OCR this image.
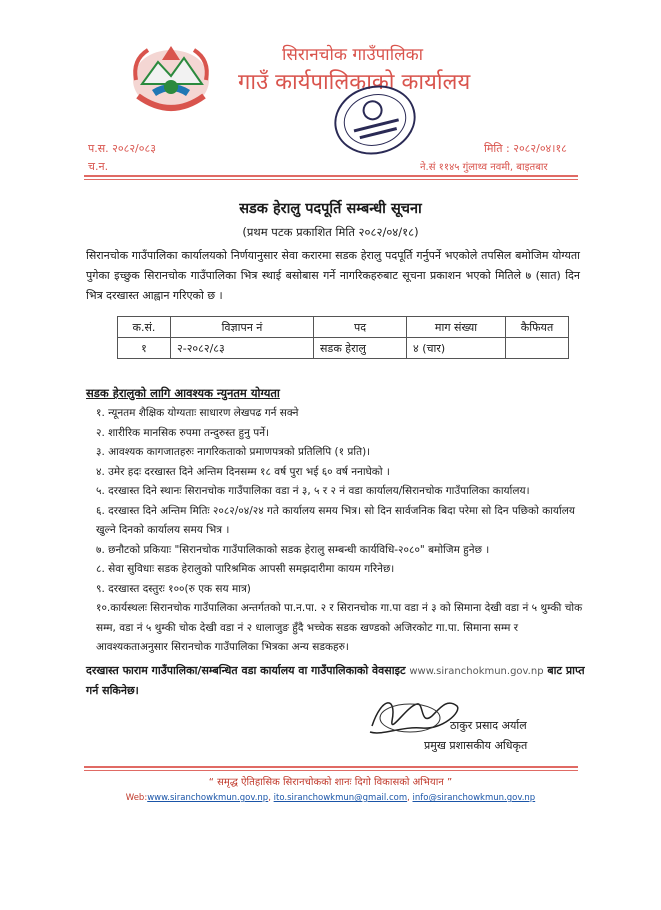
सिरानचोक गाउँपालिका
गाउँ कार्यपालिकाको कार्यालय
प.स. २०८२/०८३
च.न.
मिति : २०८२/०४।१८
ने.सं ११४५ गुंलाथ्व नवमी, बाइतबार
सडक हेरालु पदपूर्ति सम्बन्धी सूचना
(प्रथम पटक प्रकाशित मिति २०८२/०४/१८)
सिरानचोक गाउँपालिका कार्यालयको निर्णयानुसार सेवा करारमा सडक हेरालु पदपूर्ति गर्नुपर्ने भएकोले तपसिल बमोजिम योग्यता पुगेका इच्छुक सिरानचोक गाउँपालिका भित्र स्थाई बसोबास गर्ने नागरिकहरुबाट सूचना प्रकाशन भएको मितिले ७ (सात) दिन भित्र दरखास्त आह्वान गरिएको छ ।
क.सं.	विज्ञापन नं	पद	माग संख्या	कैफियत
१	२-२०८२/८३	सडक हेरालु	४ (चार)	
सडक हेरालुको लागि आवश्यक न्युनतम योग्यता
१. न्यूनतम शैक्षिक योग्यताः साधारण लेखपढ गर्न सक्ने
२. शारीरिक मानसिक रुपमा तन्दुरुस्त हुनु पर्ने।
३. आवश्यक कागजातहरुः नागरिकताको प्रमाणपत्रको प्रतिलिपि (१ प्रति)।
४. उमेर हदः दरखास्त दिने अन्तिम दिनसम्म १८ वर्ष पुरा भई ६० वर्ष ननाघेको ।
५. दरखास्त दिने स्थानः सिरानचोक गाउँपालिका वडा नं ३, ५ र २ नं वडा कार्यालय/सिरानचोक गाउँपालिका कार्यालय।
६. दरखास्त दिने अन्तिम मितिः २०८२/०४/२४ गते कार्यालय समय भित्र। सो दिन सार्वजनिक बिदा परेमा सो दिन पछिको कार्यालय खुल्ने दिनको कार्यालय समय भित्र ।
७. छनौटको प्रकियाः "सिरानचोक गाउँपालिकाको सडक हेरालु सम्बन्धी कार्यविधि-२०८०" बमोजिम हुनेछ ।
८. सेवा सुविधाः सडक हेरालुको पारिश्रमिक आपसी समझदारीमा कायम गरिनेछ।
९. दरखास्त दस्तुरः १००(रु एक सय मात्र)
१०.कार्यस्थलः सिरानचोक गाउँपालिका अन्तर्गतको पा.न.पा. २ र सिरानचोक गा.पा वडा नं ३ को सिमाना देखी वडा नं ५ थुम्की चोक सम्म, वडा नं ५ थुम्की चोक देखी वडा नं २ धालाजुङ हुँदै भच्चेक सडक खण्डको अजिरकोट गा.पा. सिमाना सम्म र आवश्यकताअनुसार सिरानचोक गाउँपालिका भित्रका अन्य सडकहरु।
दरखास्त फाराम गाउँपालिका/सम्बन्धित वडा कार्यालय वा गाउँपालिकाको वेवसाइट www.siranchokmun.gov.np बाट प्राप्त गर्न सकिनेछ।
ठाकुर प्रसाद अर्याल
प्रमुख प्रशासकीय अधिकृत
“ समृद्ध ऐतिहासिक सिरानचोकको शानः दिगो विकासको अभियान ”
Web:www.siranchowkmun.gov.np, ito.siranchowkmun@gmail.com, info@siranchowkmun.gov.np
